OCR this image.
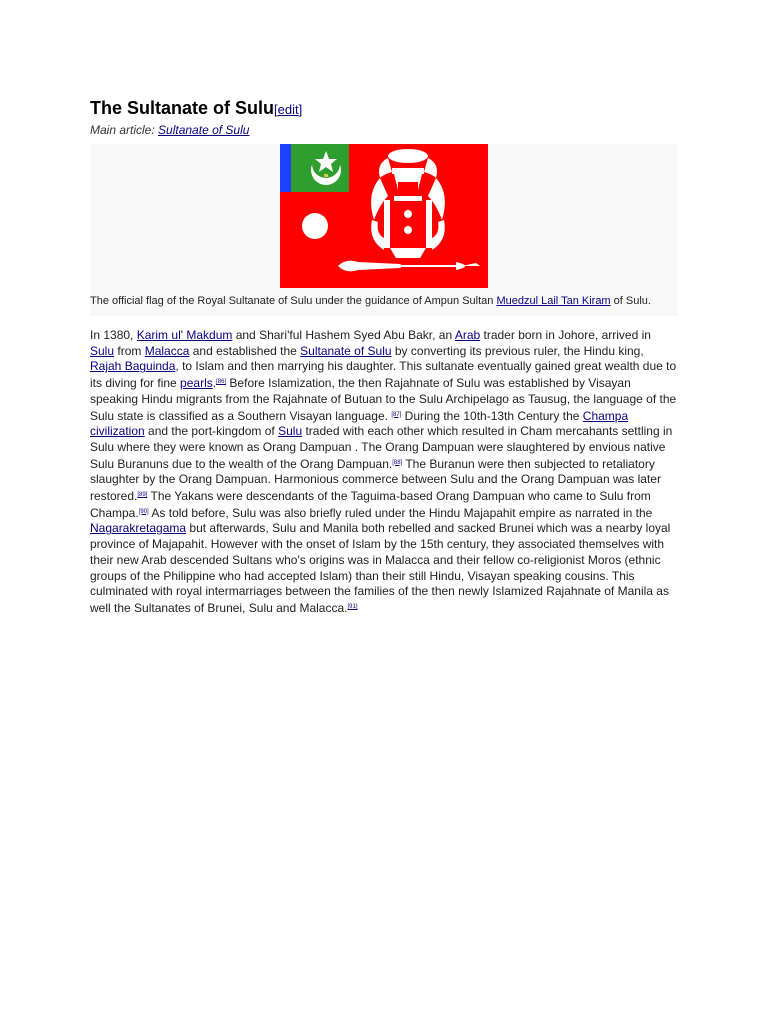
The Sultanate of Sulu[edit]
Main article: Sultanate of Sulu
The official flag of the Royal Sultanate of Sulu under the guidance of Ampun Sultan Muedzul Lail Tan Kiram of Sulu.
In 1380, Karim ul' Makdum and Shari'ful Hashem Syed Abu Bakr, an Arab trader born in Johore, arrived in Sulu from Malacca and established the Sultanate of Sulu by converting its previous ruler, the Hindu king, Rajah Baguinda, to Islam and then marrying his daughter. This sultanate eventually gained great wealth due to its diving for fine pearls.[86] Before Islamization, the then Rajahnate of Sulu was established by Visayan speaking Hindu migrants from the Rajahnate of Butuan to the Sulu Archipelago as Tausug, the language of the Sulu state is classified as a Southern Visayan language. [87] During the 10th-13th Century the Champa civilization and the port-kingdom of Sulu traded with each other which resulted in Cham mercahants settling in Sulu where they were known as Orang Dampuan . The Orang Dampuan were slaughtered by envious native Sulu Buranuns due to the wealth of the Orang Dampuan.[88] The Buranun were then subjected to retaliatory slaughter by the Orang Dampuan. Harmonious commerce between Sulu and the Orang Dampuan was later restored.[89] The Yakans were descendants of the Taguima-based Orang Dampuan who came to Sulu from Champa.[90] As told before, Sulu was also briefly ruled under the Hindu Majapahit empire as narrated in the Nagarakretagama but afterwards, Sulu and Manila both rebelled and sacked Brunei which was a nearby loyal province of Majapahit. However with the onset of Islam by the 15th century, they associated themselves with their new Arab descended Sultans who's origins was in Malacca and their fellow co-religionist Moros (ethnic groups of the Philippine who had accepted Islam) than their still Hindu, Visayan speaking cousins. This culminated with royal intermarriages between the families of the then newly Islamized Rajahnate of Manila as well the Sultanates of Brunei, Sulu and Malacca.[91]
